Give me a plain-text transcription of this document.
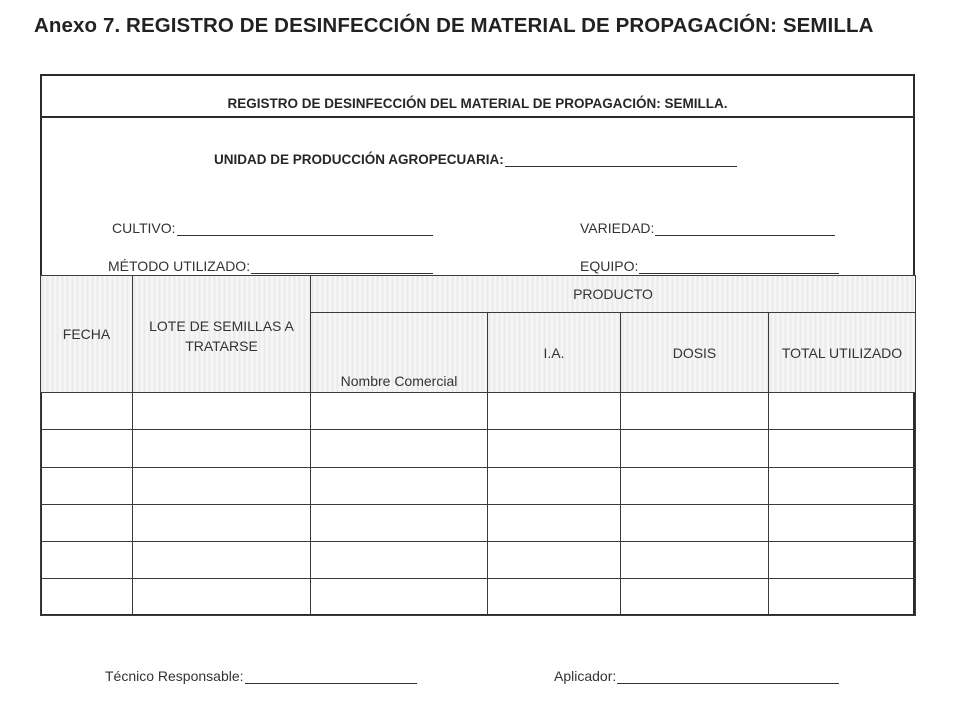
Anexo 7. REGISTRO DE DESINFECCIÓN DE MATERIAL DE PROPAGACIÓN: SEMILLA
REGISTRO DE DESINFECCIÓN DEL MATERIAL DE PROPAGACIÓN: SEMILLA.
UNIDAD DE PRODUCCIÓN AGROPECUARIA:
CULTIVO:	VARIEDAD:
MÉTODO UTILIZADO:	EQUIPO:
FECHA	LOTE DE SEMILLAS A TRATARSE	PRODUCTO			
		Nombre Comercial	I.A.	DOSIS	TOTAL UTILIZADO

Técnico Responsable:	Aplicador:
